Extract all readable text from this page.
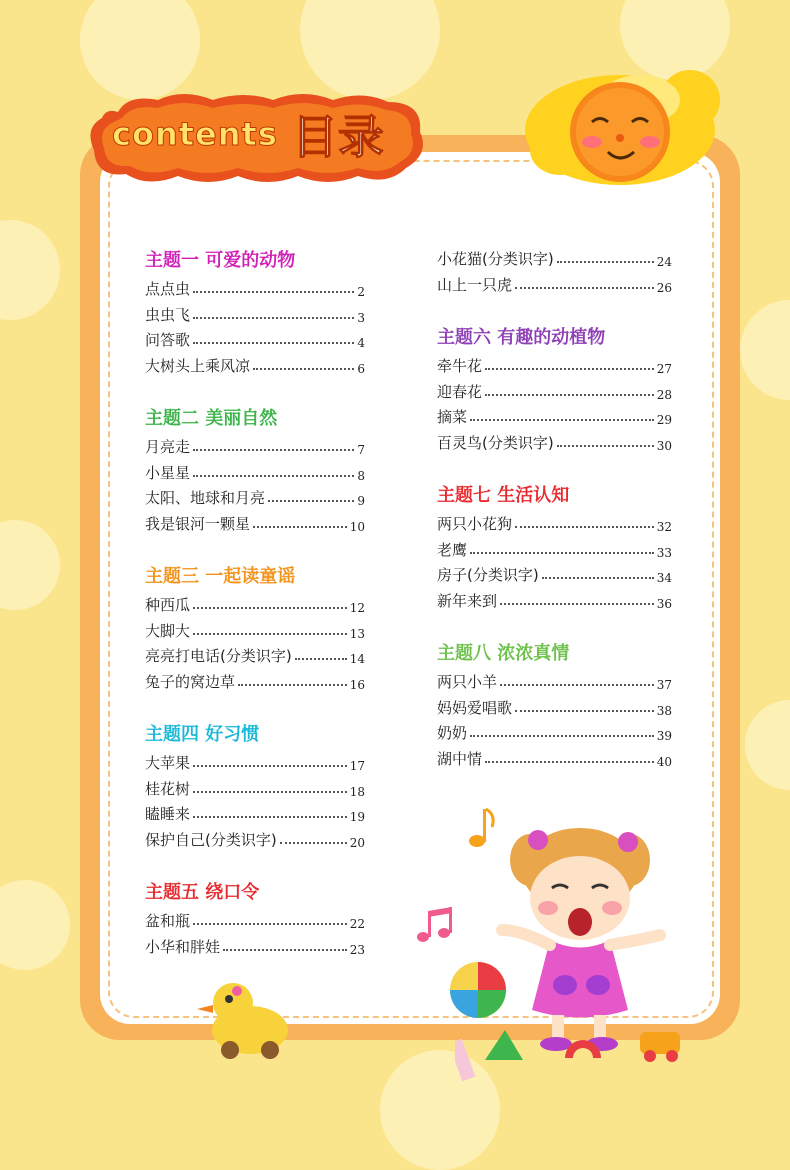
contents 目录
主题一 可爱的动物
点点虫	2
虫虫飞	3
问答歌	4
大树头上乘风凉	6
主题二 美丽自然
月亮走	7
小星星	8
太阳、地球和月亮	9
我是银河一颗星	10
主题三 一起读童谣
种西瓜	12
大脚大	13
亮亮打电话(分类识字)	14
兔子的窝边草	16
主题四 好习惯
大苹果	17
桂花树	18
瞌睡来	19
保护自己(分类识字)	20
主题五 绕口令
盆和瓶	22
小华和胖娃	23
小花猫(分类识字)	24
山上一只虎	26
主题六 有趣的动植物
牵牛花	27
迎春花	28
摘菜	29
百灵鸟(分类识字)	30
主题七 生活认知
两只小花狗	32
老鹰	33
房子(分类识字)	34
新年来到	36
主题八 浓浓真情
两只小羊	37
妈妈爱唱歌	38
奶奶	39
湖中情	40
